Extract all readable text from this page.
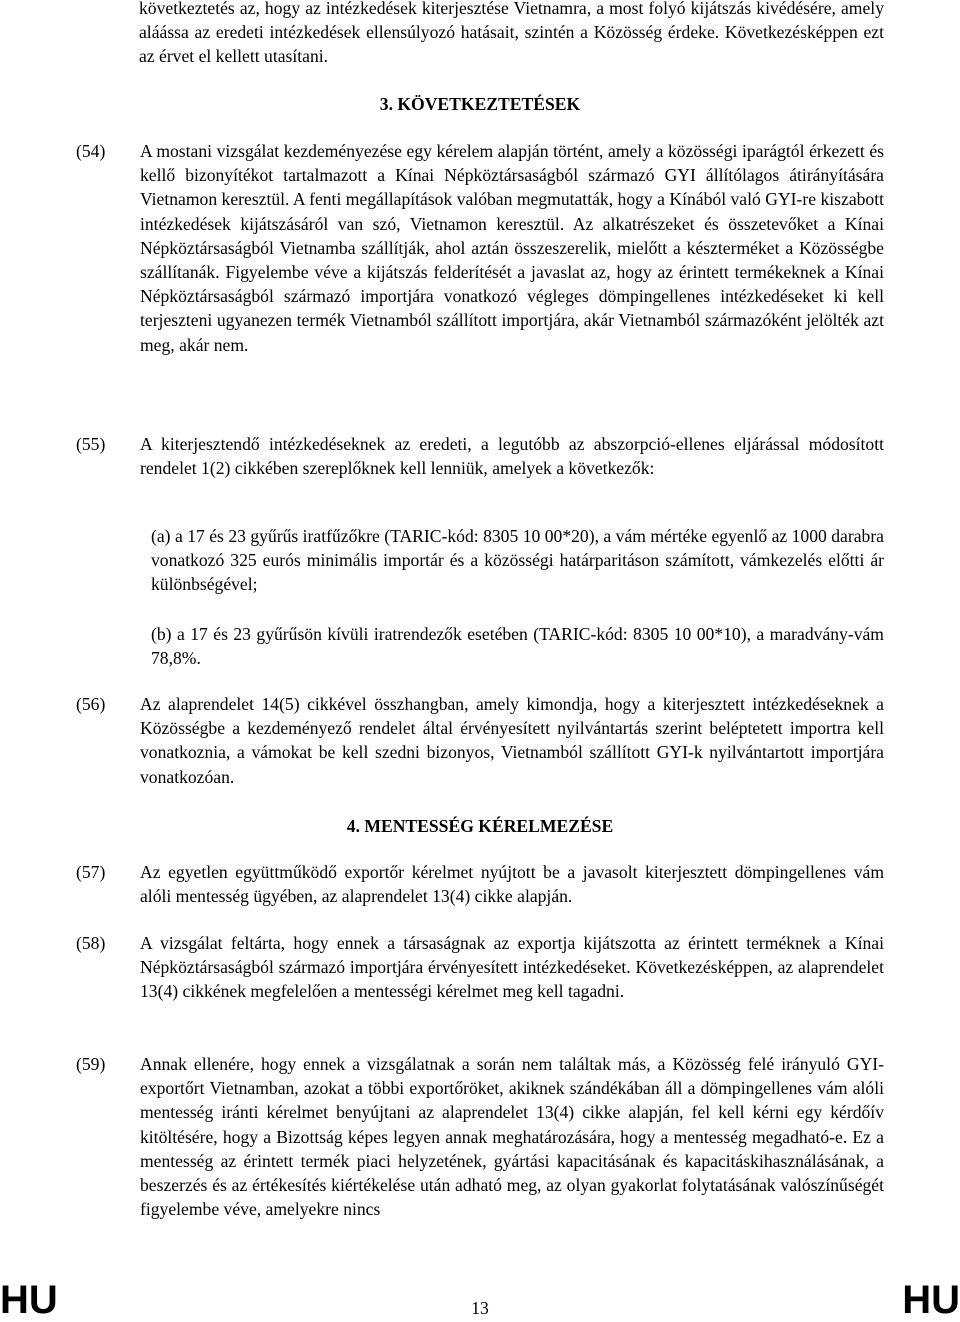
következtetés az, hogy az intézkedések kiterjesztése Vietnamra, a most folyó kijátszás kivédésére, amely aláássa az eredeti intézkedések ellensúlyozó hatásait, szintén a Közösség érdeke. Következésképpen ezt az érvet el kellett utasítani.
3. KÖVETKEZTETÉSEK
(54)	A mostani vizsgálat kezdeményezése egy kérelem alapján történt, amely a közösségi iparágtól érkezett és kellő bizonyítékot tartalmazott a Kínai Népköztársaságból származó GYI állítólagos átirányítására Vietnamon keresztül. A fenti megállapítások valóban megmutatták, hogy a Kínából való GYI-re kiszabott intézkedések kijátszásáról van szó, Vietnamon keresztül. Az alkatrészeket és összetevőket a Kínai Népköztársaságból Vietnamba szállítják, ahol aztán összeszerelik, mielőtt a készterméket a Közösségbe szállítanák. Figyelembe véve a kijátszás felderítését a javaslat az, hogy az érintett termékeknek a Kínai Népköztársaságból származó importjára vonatkozó végleges dömpingellenes intézkedéseket ki kell terjeszteni ugyanezen termék Vietnamból szállított importjára, akár Vietnamból származóként jelölték azt meg, akár nem.
(55)	A kiterjesztendő intézkedéseknek az eredeti, a legutóbb az abszorpció-ellenes eljárással módosított rendelet 1(2) cikkében szereplőknek kell lenniük, amelyek a következők:
(a) a 17 és 23 gyűrűs iratfűzőkre (TARIC-kód: 8305 10 00*20), a vám mértéke egyenlő az 1000 darabra vonatkozó 325 eurós minimális importár és a közösségi határparitáson számított, vámkezelés előtti ár különbségével;
(b) a 17 és 23 gyűrűsön kívüli iratrendezők esetében (TARIC-kód: 8305 10 00*10), a maradvány-vám 78,8%.
(56)	Az alaprendelet 14(5) cikkével összhangban, amely kimondja, hogy a kiterjesztett intézkedéseknek a Közösségbe a kezdeményező rendelet által érvényesített nyilvántartás szerint beléptetett importra kell vonatkoznia, a vámokat be kell szedni bizonyos, Vietnamból szállított GYI-k nyilvántartott importjára vonatkozóan.
4. MENTESSÉG KÉRELMEZÉSE
(57)	Az egyetlen együttműködő exportőr kérelmet nyújtott be a javasolt kiterjesztett dömpingellenes vám alóli mentesség ügyében, az alaprendelet 13(4) cikke alapján.
(58)	A vizsgálat feltárta, hogy ennek a társaságnak az exportja kijátszotta az érintett terméknek a Kínai Népköztársaságból származó importjára érvényesített intézkedéseket. Következésképpen, az alaprendelet 13(4) cikkének megfelelően a mentességi kérelmet meg kell tagadni.
(59)	Annak ellenére, hogy ennek a vizsgálatnak a során nem találtak más, a Közösség felé irányuló GYI-exportőrt Vietnamban, azokat a többi exportőröket, akiknek szándékában áll a dömpingellenes vám alóli mentesség iránti kérelmet benyújtani az alaprendelet 13(4) cikke alapján, fel kell kérni egy kérdőív kitöltésére, hogy a Bizottság képes legyen annak meghatározására, hogy a mentesség megadható-e. Ez a mentesség az érintett termék piaci helyzetének, gyártási kapacitásának és kapacitáskihasználásának, a beszerzés és az értékesítés kiértékelése után adható meg, az olyan gyakorlat folytatásának valószínűségét figyelembe véve, amelyekre nincs
HU	13	HU
